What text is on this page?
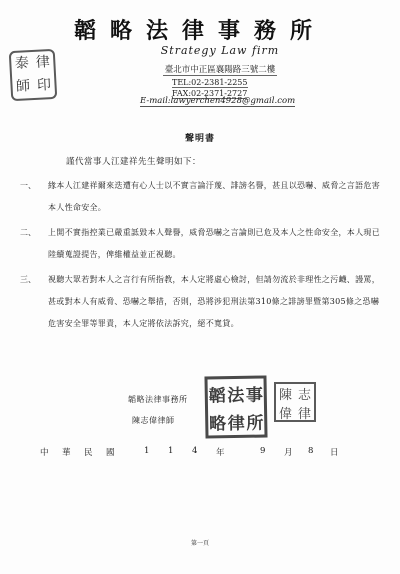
韜略法律事務所
泰 律
師 印

Strategy Law firm

臺北市中正區襄陽路三號二樓
TEL:02-2381-2255
FAX:02-2371-2727
E-mail:lawyerchen4928@gmail.com
聲明書
謹代當事人江建祥先生聲明如下：
一、	緣本人江建祥爾來迭遭有心人士以不實言論汙蔑、誹謗名譽，甚且以恐嚇、威脅之言語危害本人性命安全。
二、	上開不實指控業已嚴重詆毀本人聲譽，威脅恐嚇之言論則已危及本人之性命安全，本人現已陸續蒐證提告，俾維權益並正視聽。
三、	視聽大眾若對本人之言行有所指教，本人定將虛心檢討，但請勿流於非理性之污衊、謾罵，甚或對本人有威脅、恐嚇之舉措，否則，恐將涉犯刑法第310條之誹謗罪暨第305條之恐嚇危害安全罪等罪責，本人定將依法訴究，絕不寬貸。
韜略法律事務所
陳志偉律師
韜 法 事
略 律 所
陳 志
偉 律
中 華 民 國	1 1 4 年	9 月 8 日
第一頁
